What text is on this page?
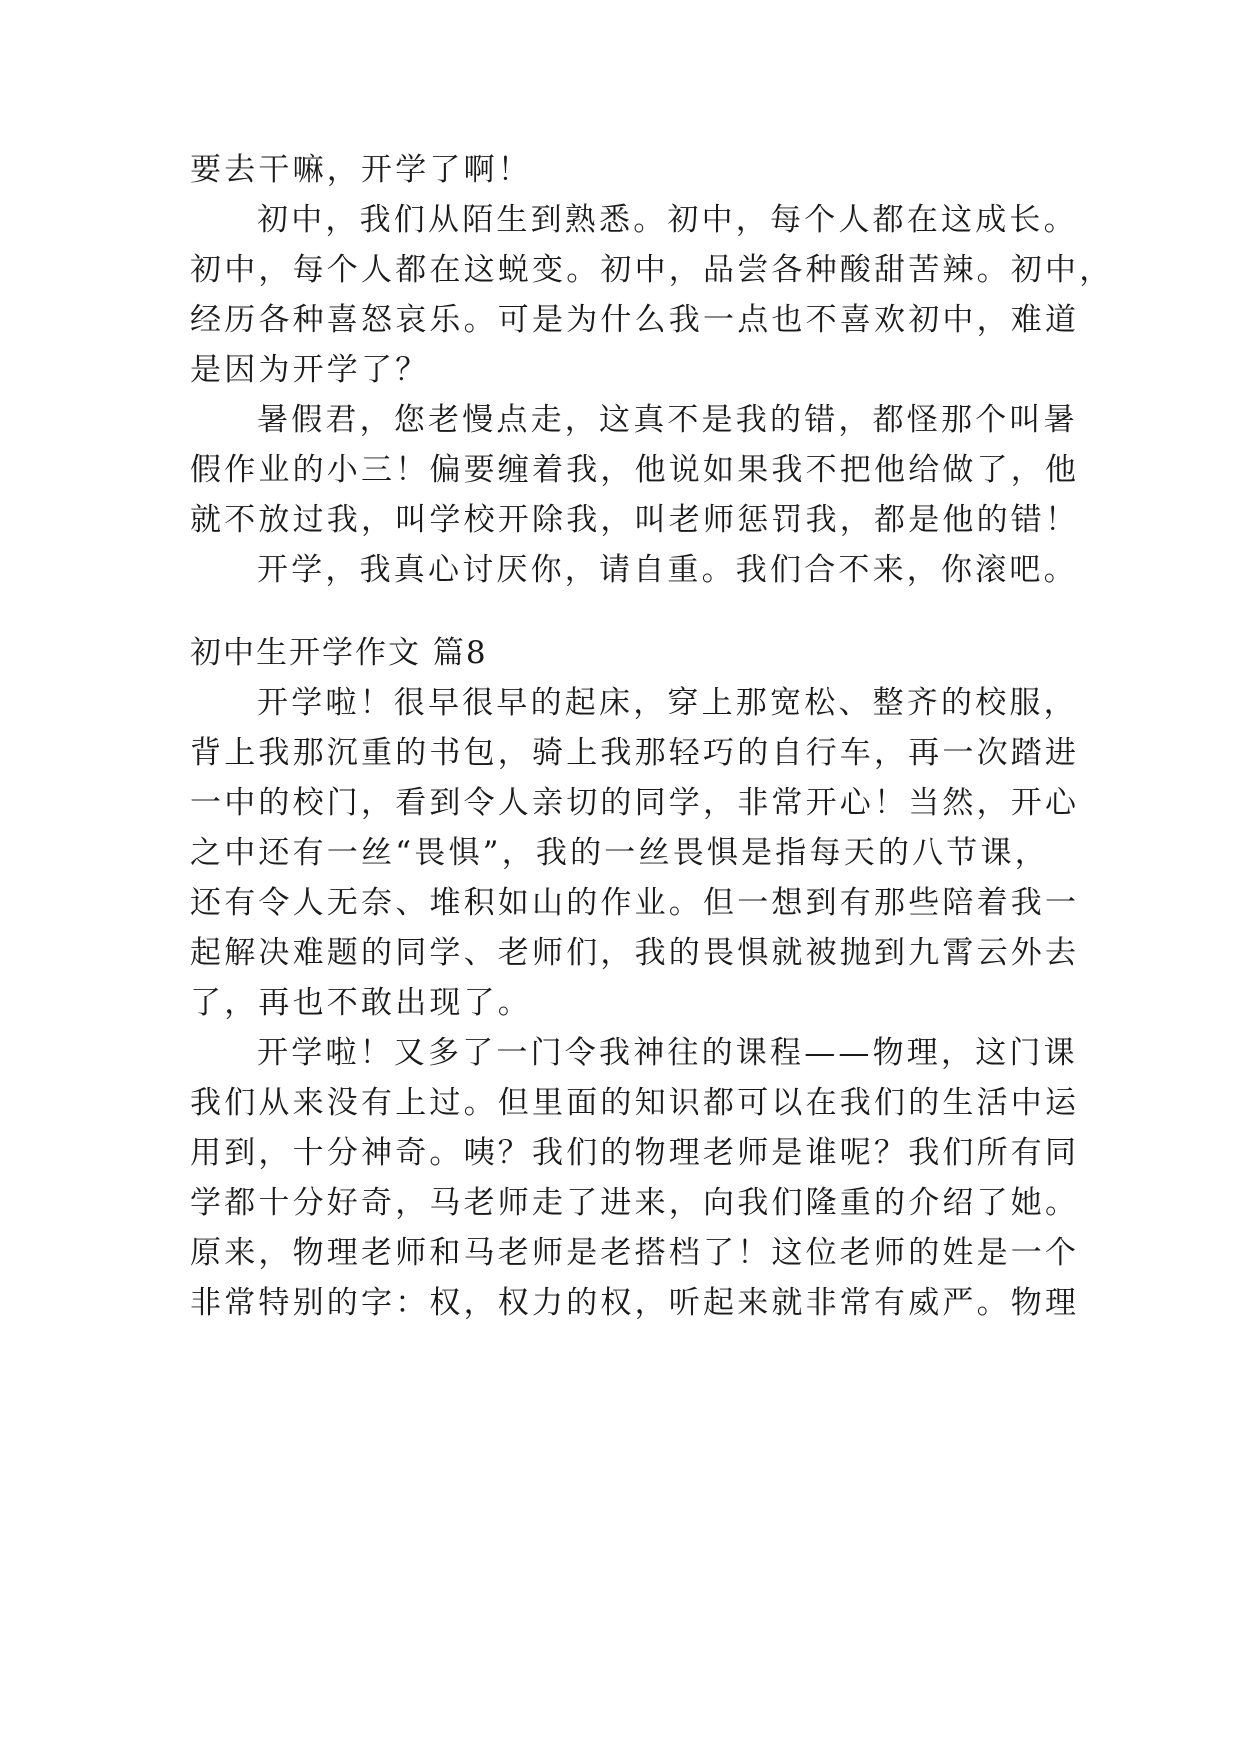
要去干嘛，开学了啊！
初中，我们从陌生到熟悉。初中，每个人都在这成长。
初中，每个人都在这蜕变。初中，品尝各种酸甜苦辣。初中，
经历各种喜怒哀乐。可是为什么我一点也不喜欢初中，难道
是因为开学了？
暑假君，您老慢点走，这真不是我的错，都怪那个叫暑
假作业的小三！偏要缠着我，他说如果我不把他给做了，他
就不放过我，叫学校开除我，叫老师惩罚我，都是他的错！
开学，我真心讨厌你，请自重。我们合不来，你滚吧。
初中生开学作文 篇8
开学啦！很早很早的起床，穿上那宽松、整齐的校服，
背上我那沉重的书包，骑上我那轻巧的自行车，再一次踏进
一中的校门，看到令人亲切的同学，非常开心！当然，开心
之中还有一丝“畏惧”，我的一丝畏惧是指每天的八节课，
还有令人无奈、堆积如山的作业。但一想到有那些陪着我一
起解决难题的同学、老师们，我的畏惧就被抛到九霄云外去
了，再也不敢出现了。
开学啦！又多了一门令我神往的课程——物理，这门课
我们从来没有上过。但里面的知识都可以在我们的生活中运
用到，十分神奇。咦？我们的物理老师是谁呢？我们所有同
学都十分好奇，马老师走了进来，向我们隆重的介绍了她。
原来，物理老师和马老师是老搭档了！这位老师的姓是一个
非常特别的字：权，权力的权，听起来就非常有威严。物理
